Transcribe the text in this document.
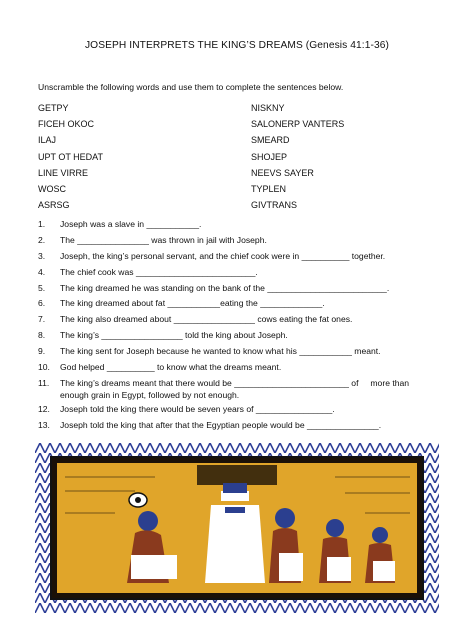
JOSEPH INTERPRETS THE KING’S DREAMS (Genesis 41:1-36)
Unscramble the following words and use them to complete the sentences below.
GETPY
FICEH OKOC
ILAJ
UPT OT HEDAT
LINE VIRRE
WOSC
ASRSG
NISKNY
SALONERP VANTERS
SMEARD
SHOJEP
NEEVS SAYER
TYPLEN
GIVTRANS
1. Joseph was a slave in ___________.
2. The _______________ was thrown in jail with Joseph.
3. Joseph, the king’s personal servant, and the chief cook were in __________ together.
4. The chief cook was _________________________.
5. The king dreamed he was standing on the bank of the _________________________.
6. The king dreamed about fat ___________eating the _____________.
7. The king also dreamed about _________________ cows eating the fat ones.
8. The king’s _________________ told the king about Joseph.
9. The king sent for Joseph because he wanted to know what his ___________ meant.
10. God helped __________ to know what the dreams meant.
11. The king’s dreams meant that there would be ________________________ of     more than enough grain in Egypt, followed by not enough.
12. Joseph told the king there would be seven years of ________________.
13. Joseph told the king that after that the Egyptian people would be _______________.
